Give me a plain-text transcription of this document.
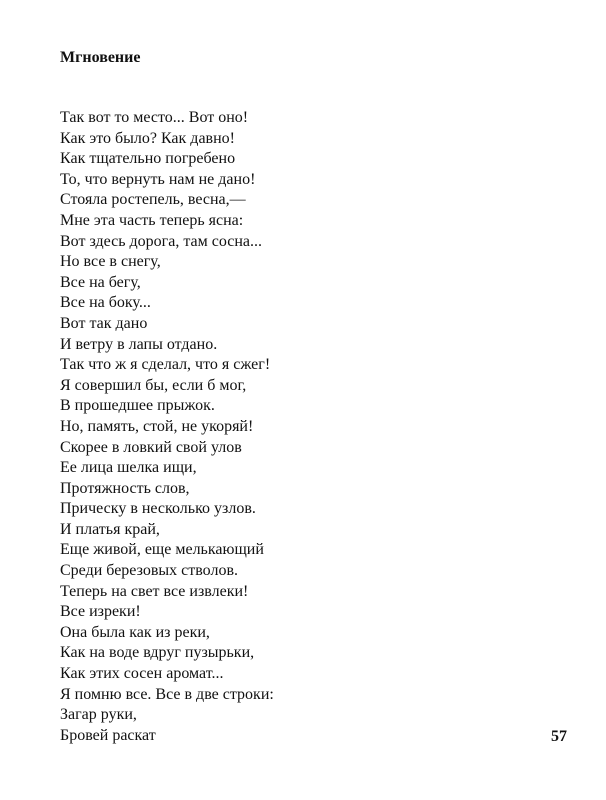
Мгновение
Так вот то место... Вот оно!
Как это было? Как давно!
Как тщательно погребено
То, что вернуть нам не дано!
Стояла ростепель, весна,—
Мне эта часть теперь ясна:
Вот здесь дорога, там сосна...
Но все в снегу,
Все на бегу,
Все на боку...
Вот так дано
И ветру в лапы отдано.
Так что ж я сделал, что я сжег!
Я совершил бы, если б мог,
В прошедшее прыжок.
Но, память, стой, не укоряй!
Скорее в ловкий свой улов
Ее лица шелка ищи,
Протяжность слов,
Прическу в несколько узлов.
И платья край,
Еще живой, еще мелькающий
Среди березовых стволов.
Теперь на свет все извлеки!
Все изреки!
Она была как из реки,
Как на воде вдруг пузырьки,
Как этих сосен аромат...
Я помню все. Все в две строки:
Загар руки,
Бровей раскат	57
